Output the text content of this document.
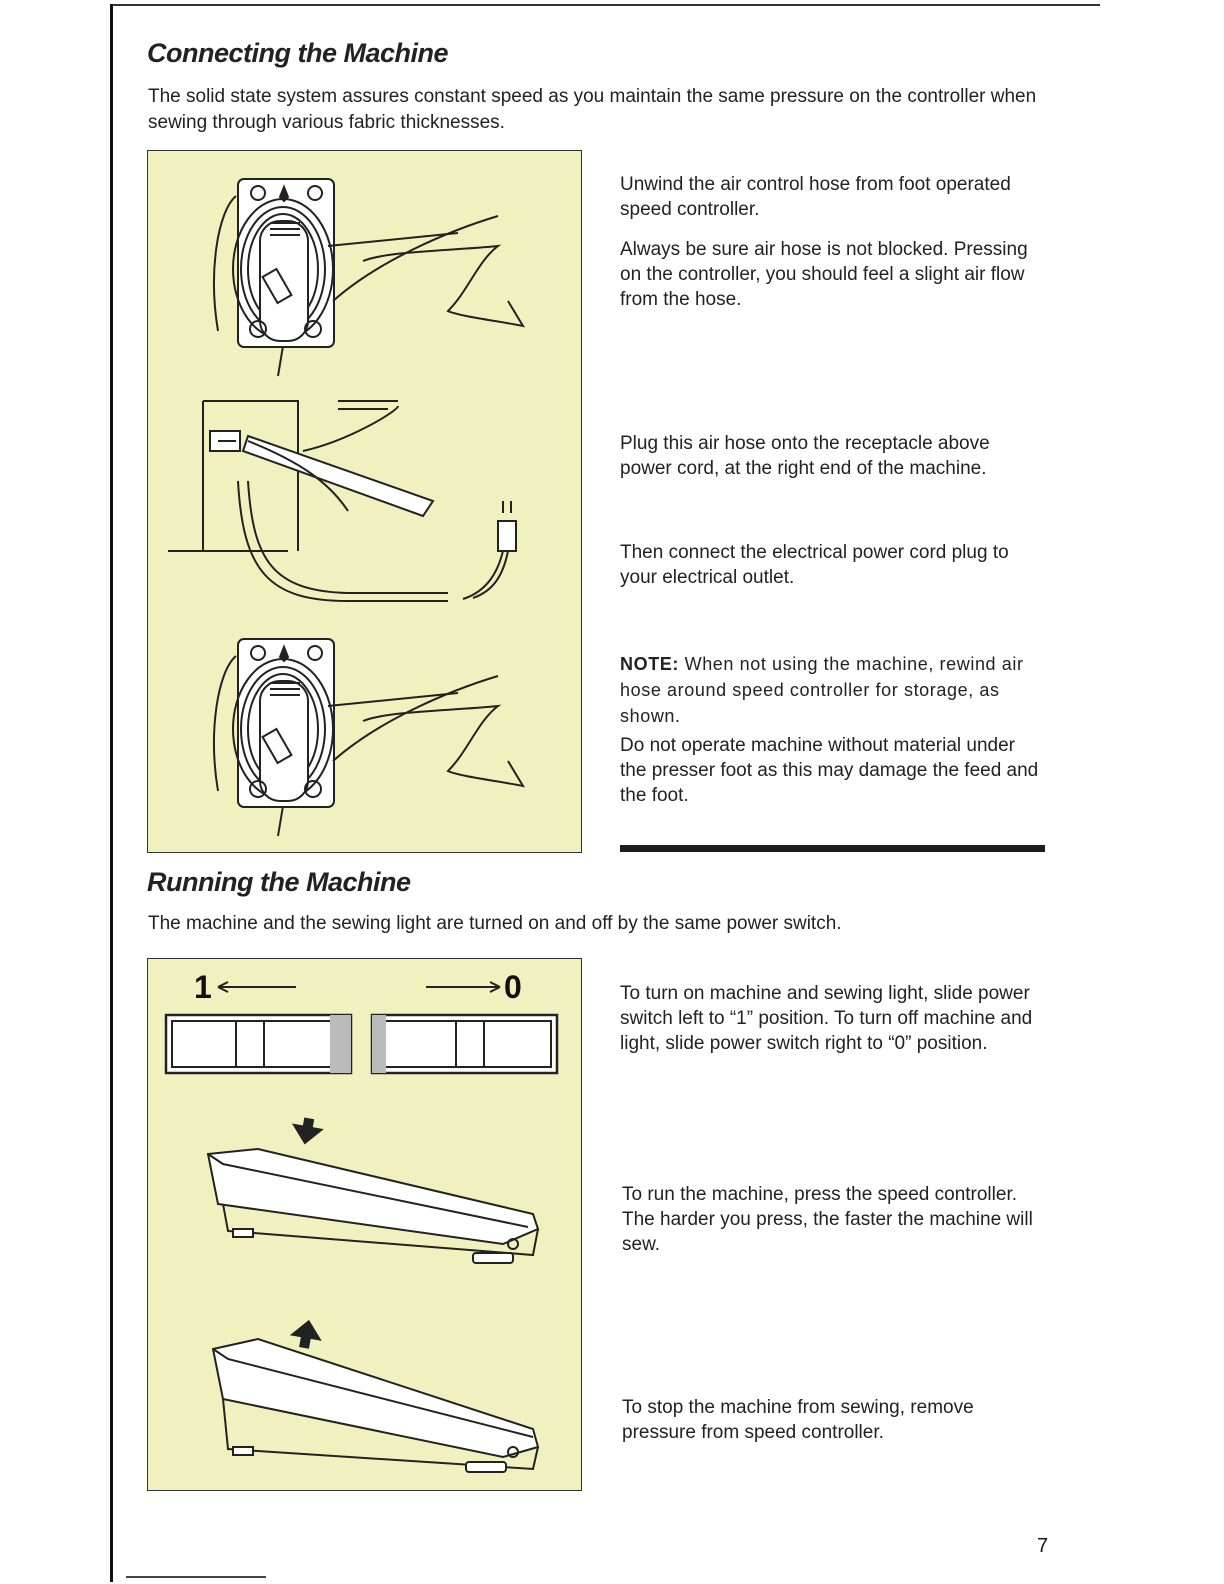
Connecting the Machine
The solid state system assures constant speed as you maintain the same pressure on the controller when sewing through various fabric thicknesses.

Unwind the air control hose from foot operated speed controller.

Always be sure air hose is not blocked. Pressing on the controller, you should feel a slight air flow from the hose.

Plug this air hose onto the receptacle above power cord, at the right end of the machine.

Then connect the electrical power cord plug to your electrical outlet.

NOTE: When not using the machine, rewind air hose around speed controller for storage, as shown.

Do not operate machine without material under the presser foot as this may damage the feed and the foot.

Running the Machine
The machine and the sewing light are turned on and off by the same power switch.
1	0	To turn on machine and sewing light, slide power switch left to “1” position. To turn off machine and light, slide power switch right to “0” position.

To run the machine, press the speed controller. The harder you press, the faster the machine will sew.

To stop the machine from sewing, remove pressure from speed controller.

7
